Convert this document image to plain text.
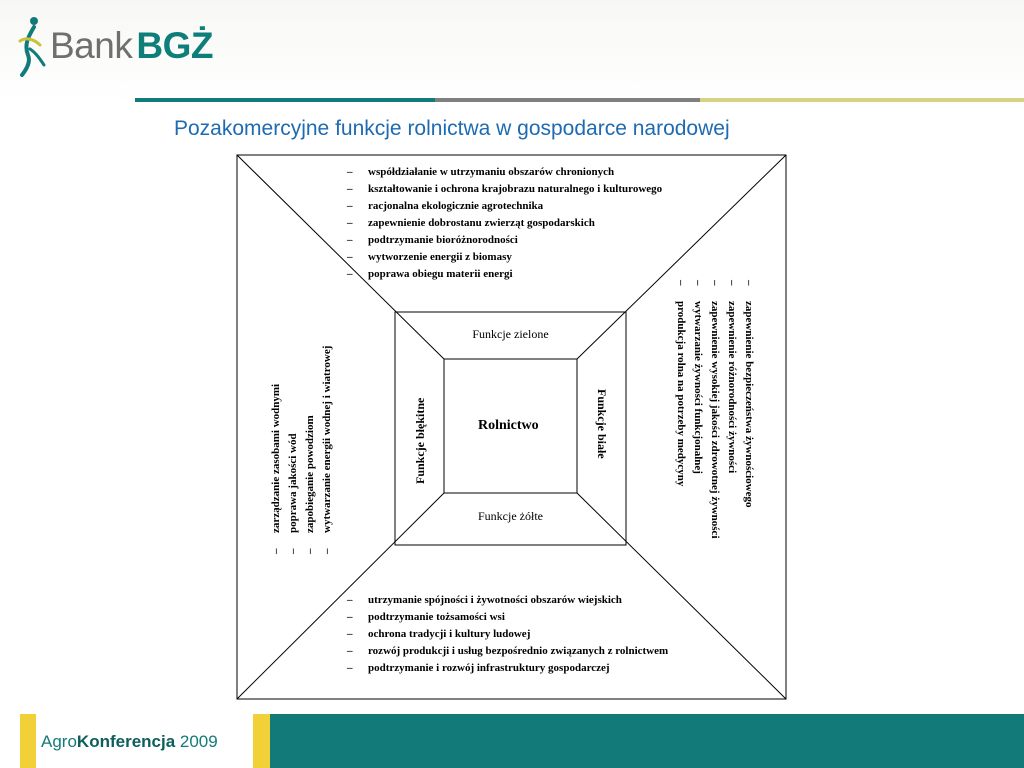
Bank BGŻ
Pozakomercyjne funkcje rolnictwa w gospodarce narodowej
Rolnictwo
Funkcje zielone
Funkcje żółte
Funkcje błękitne	Funkcje białe
– współdziałanie w utrzymaniu obszarów chronionych
– kształtowanie i ochrona krajobrazu naturalnego i kulturowego
– racjonalna ekologicznie agrotechnika
– zapewnienie dobrostanu zwierząt gospodarskich
– podtrzymanie bioróżnorodności
– wytworzenie energii z biomasy
– poprawa obiegu materii energi
– utrzymanie spójności i żywotności obszarów wiejskich
– podtrzymanie tożsamości wsi
– ochrona tradycji i kultury ludowej
– rozwój produkcji i usług bezpośrednio związanych z rolnictwem
– podtrzymanie i rozwój infrastruktury gospodarczej
– zarządzanie zasobami wodnymi – poprawa jakości wód – zapobieganie powodziom – wytwarzanie energii wodnej i wiatrowej	– zapewnienie bezpieczeństwa żywnościowego
– zapewnienie różnorodności żywności
– zapewnienie wysokiej jakości zdrowotnej żywności
– wytwarzanie żywności funkcjonalnej
– produkcja rolna na potrzeby medycyny
AgroKonferencja 2009
